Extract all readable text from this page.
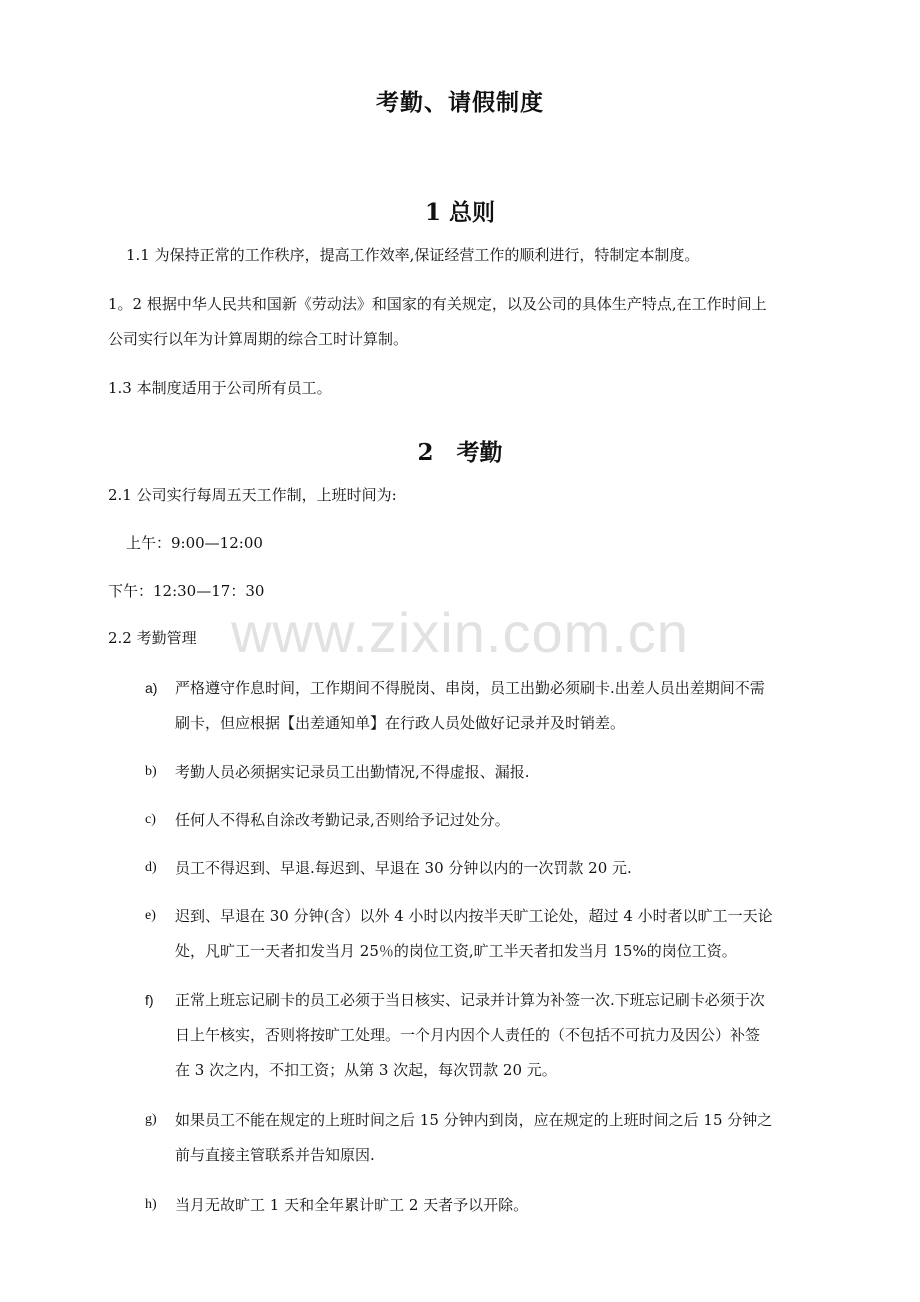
www.zixin.com.cn
考勤、请假制度
1 总则
1.1 为保持正常的工作秩序，提高工作效率,保证经营工作的顺利进行，特制定本制度。
1。2 根据中华人民共和国新《劳动法》和国家的有关规定，以及公司的具体生产特点,在工作时间上
公司实行以年为计算周期的综合工时计算制。
1.3 本制度适用于公司所有员工。
2　考勤
2.1 公司实行每周五天工作制，上班时间为:
上午：9:00—12:00
下午：12:30—17：30
2.2 考勤管理
a) 严格遵守作息时间，工作期间不得脱岗、串岗，员工出勤必须刷卡.出差人员出差期间不需
刷卡，但应根据【出差通知单】在行政人员处做好记录并及时销差。
b) 考勤人员必须据实记录员工出勤情况,不得虚报、漏报.
c) 任何人不得私自涂改考勤记录,否则给予记过处分。
d) 员工不得迟到、早退.每迟到、早退在 30 分钟以内的一次罚款 20 元.
e) 迟到、早退在 30 分钟(含）以外 4 小时以内按半天旷工论处，超过 4 小时者以旷工一天论
处，凡旷工一天者扣发当月 25％的岗位工资,旷工半天者扣发当月 15%的岗位工资。
f) 正常上班忘记刷卡的员工必须于当日核实、记录并计算为补签一次.下班忘记刷卡必须于次
日上午核实，否则将按旷工处理。一个月内因个人责任的（不包括不可抗力及因公）补签
在 3 次之内，不扣工资；从第 3 次起，每次罚款 20 元。
g) 如果员工不能在规定的上班时间之后 15 分钟内到岗，应在规定的上班时间之后 15 分钟之
前与直接主管联系并告知原因.
h) 当月无故旷工 1 天和全年累计旷工 2 天者予以开除。
